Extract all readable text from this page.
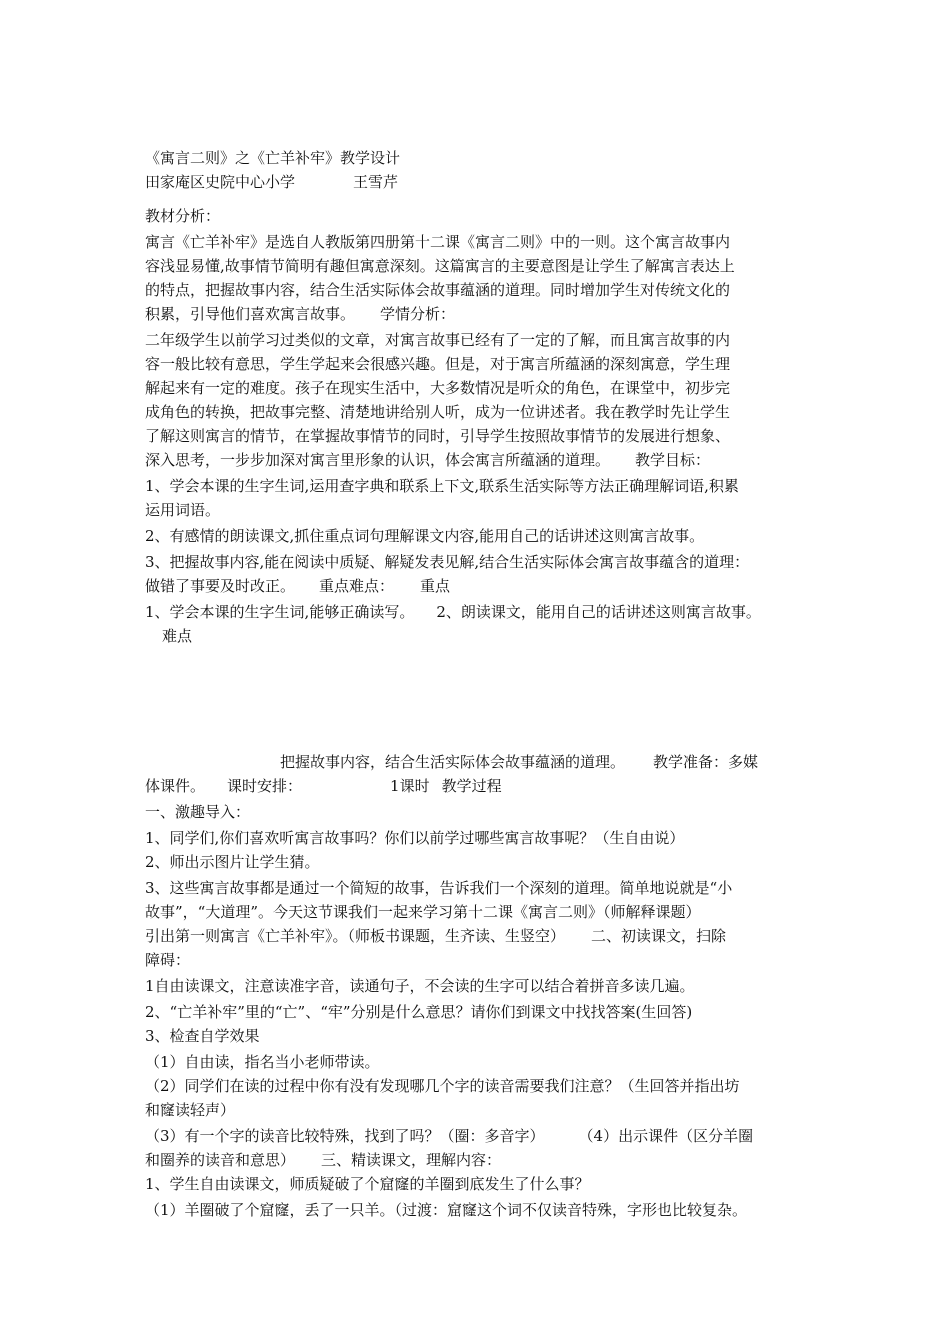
《寓言二则》之《亡羊补牢》教学设计
田家庵区史院中心小学	王雪芹
教材分析：
寓言《亡羊补牢》是选自人教版第四册第十二课《寓言二则》中的一则。这个寓言故事内
容浅显易懂,故事情节简明有趣但寓意深刻。这篇寓言的主要意图是让学生了解寓言表达上
的特点，把握故事内容，结合生活实际体会故事蕴涵的道理。同时增加学生对传统文化的
积累，引导他们喜欢寓言故事。 学情分析：
二年级学生以前学习过类似的文章，对寓言故事已经有了一定的了解，而且寓言故事的内
容一般比较有意思，学生学起来会很感兴趣。但是，对于寓言所蕴涵的深刻寓意，学生理
解起来有一定的难度。孩子在现实生活中，大多数情况是听众的角色，在课堂中，初步完
成角色的转换，把故事完整、清楚地讲给别人听，成为一位讲述者。我在教学时先让学生
了解这则寓言的情节，在掌握故事情节的同时，引导学生按照故事情节的发展进行想象、
深入思考，一步步加深对寓言里形象的认识，体会寓言所蕴涵的道理。 教学目标：
1、学会本课的生字生词,运用查字典和联系上下文,联系生活实际等方法正确理解词语,积累
运用词语。
2、有感情的朗读课文,抓住重点词句理解课文内容,能用自己的话讲述这则寓言故事。
3、把握故事内容,能在阅读中质疑、解疑发表见解,结合生活实际体会寓言故事蕴含的道理：
做错了事要及时改正。 重点难点： 重点
1、学会本课的生字生词,能够正确读写。 2、朗读课文，能用自己的话讲述这则寓言故事。
难点
把握故事内容，结合生活实际体会故事蕴涵的道理。 教学准备：多媒
体课件。 课时安排：	1课时 教学过程
一、激趣导入：
1、同学们,你们喜欢听寓言故事吗？你们以前学过哪些寓言故事呢？（生自由说）
2、师出示图片让学生猜。
3、这些寓言故事都是通过一个简短的故事，告诉我们一个深刻的道理。简单地说就是“小
故事”，“大道理”。今天这节课我们一起来学习第十二课《寓言二则》（师解释课题）
引出第一则寓言《亡羊补牢》。（师板书课题，生齐读、生竖空） 二、初读课文，扫除
障碍：
1自由读课文，注意读准字音，读通句子，不会读的生字可以结合着拼音多读几遍。
2、“亡羊补牢”里的“亡”、“牢”分别是什么意思？请你们到课文中找找答案(生回答)
3、检查自学效果
（1）自由读，指名当小老师带读。
（2）同学们在读的过程中你有没有发现哪几个字的读音需要我们注意？（生回答并指出坊
和窿读轻声）
（3）有一个字的读音比较特殊，找到了吗？（圈：多音字） （4）出示课件（区分羊圈
和圈养的读音和意思） 三、精读课文，理解内容：
1、学生自由读课文，师质疑破了个窟窿的羊圈到底发生了什么事？
（1）羊圈破了个窟窿，丢了一只羊。（过渡：窟窿这个词不仅读音特殊，字形也比较复杂。
